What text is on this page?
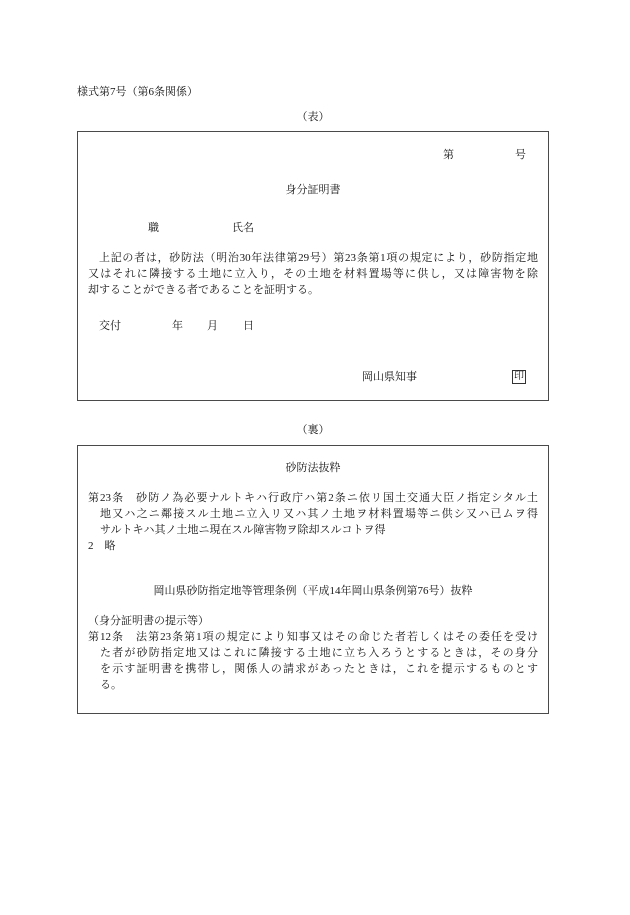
様式第7号（第6条関係）
（表）
第	号
身分証明書
職	氏名
上記の者は，砂防法（明治30年法律第29号）第23条第1項の規定により，砂防指定地
又はそれに隣接する土地に立入り，その土地を材料置場等に供し，又は障害物を除
却することができる者であることを証明する。
交付	年 月 日
岡山県知事	印
（裏）
砂防法抜粋
第23条　砂防ノ為必要ナルトキハ行政庁ハ第2条ニ依リ国土交通大臣ノ指定シタル土
地又ハ之ニ鄰接スル土地ニ立入リ又ハ其ノ土地ヲ材料置場等ニ供シ又ハ已ムヲ得
サルトキハ其ノ土地ニ現在スル障害物ヲ除却スルコトヲ得
2　略
岡山県砂防指定地等管理条例（平成14年岡山県条例第76号）抜粋
（身分証明書の提示等）
第12条　法第23条第1項の規定により知事又はその命じた者若しくはその委任を受け
た者が砂防指定地又はこれに隣接する土地に立ち入ろうとするときは，その身分
を示す証明書を携帯し，関係人の請求があったときは，これを提示するものとす
る。
